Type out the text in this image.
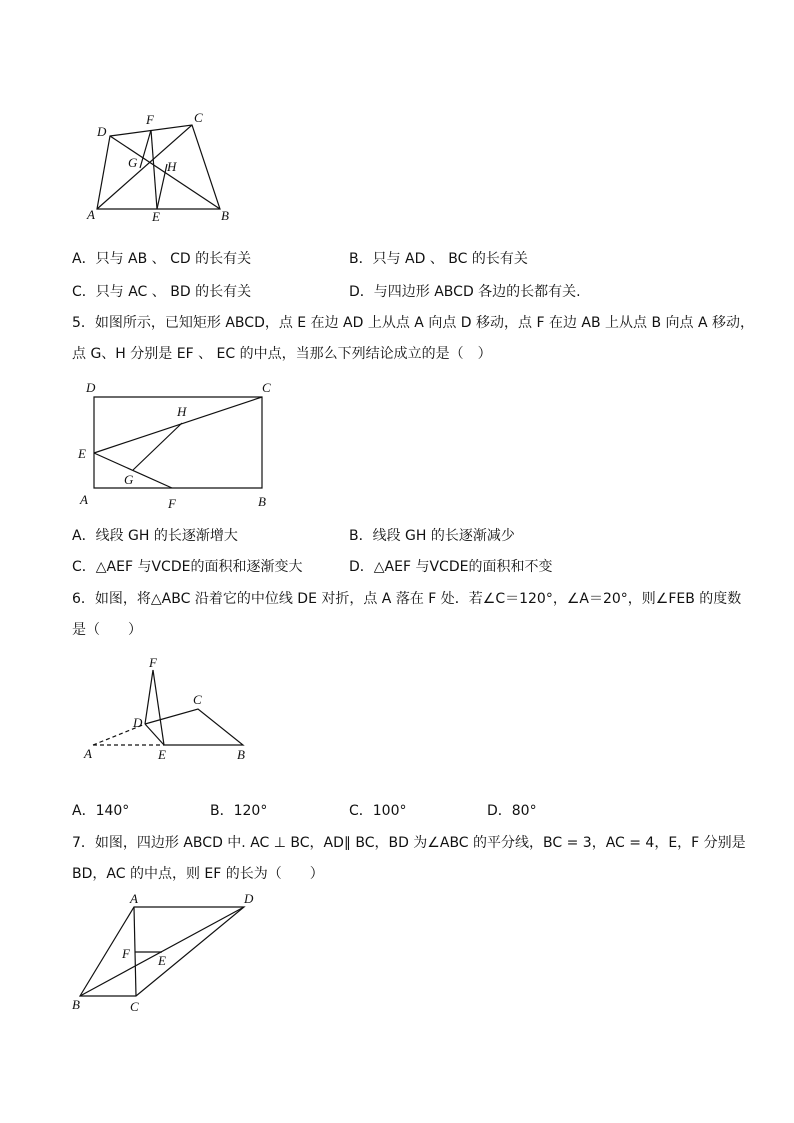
D
F	C
G H
A	E	B
A．只与 AB 、 CD 的长有关	B．只与 AD 、 BC 的长有关
C．只与 AC 、 BD 的长有关	D．与四边形 ABCD 各边的长都有关.
5．如图所示，已知矩形 ABCD，点 E 在边 AD 上从点 A 向点 D 移动，点 F 在边 AB 上从点 B 向点 A 移动，
点 G、H 分别是 EF 、 EC 的中点，当那么下列结论成立的是（　）
D	C
H
E
G
A	F	B
A．线段 GH 的长逐渐增大	B．线段 GH 的长逐渐减少
C．△AEF 与VCDE的面积和逐渐变大	D．△AEF 与VCDE的面积和不变
6．如图，将△ABC 沿着它的中位线 DE 对折，点 A 落在 F 处．若∠C＝120°，∠A＝20°，则∠FEB 的度数
是（　　）
F
C
D
A	E	B
A．140°	B．120°	C．100°	D．80°
7．如图，四边形 ABCD 中. AC ⊥ BC，AD∥ BC，BD 为∠ABC 的平分线，BC = 3，AC = 4，E，F 分别是
BD，AC 的中点，则 EF 的长为（　　）
A	D
F E
B	C
